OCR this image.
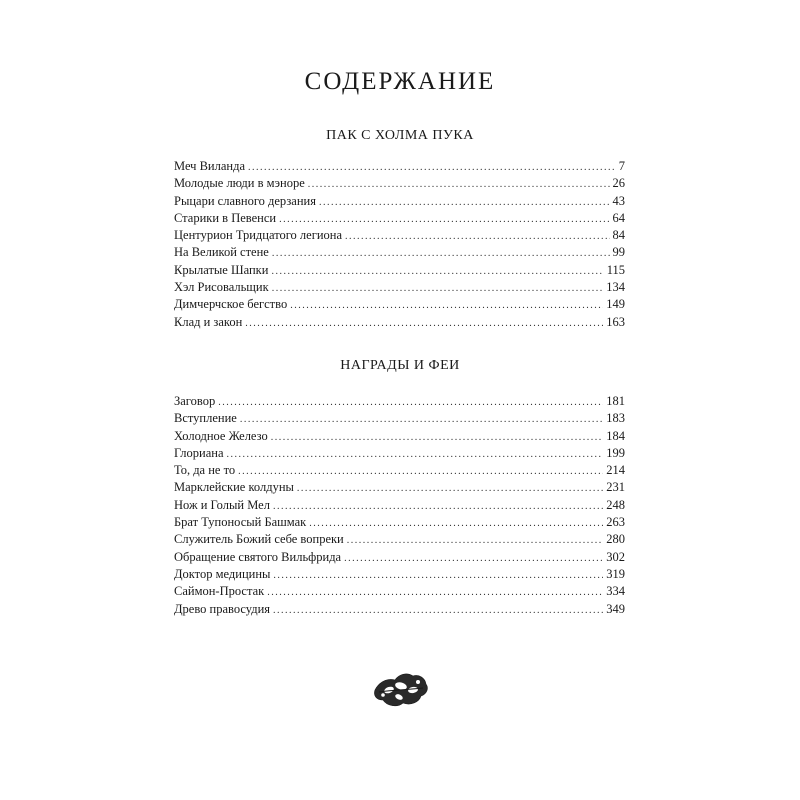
СОДЕРЖАНИЕ
ПАК С ХОЛМА ПУКА
Меч Виланда .....	7
Молодые люди в мэноре .....	26
Рыцари славного дерзания .....	43
Старики в Певенси .....	64
Центурион Тридцатого легиона .....	84
На Великой стене .....	99
Крылатые Шапки .....	115
Хэл Рисовальщик .....	134
Димчерчское бегство .....	149
Клад и закон .....	163
НАГРАДЫ И ФЕИ
Заговор .....	181
Вступление .....	183
Холодное Железо .....	184
Глориана .....	199
То, да не то .....	214
Марклейские колдуны .....	231
Нож и Голый Мел .....	248
Брат Тупоносый Башмак .....	263
Служитель Божий себе вопреки .....	280
Обращение святого Вильфрида .....	302
Доктор медицины .....	319
Саймон-Простак .....	334
Древо правосудия .....	349
